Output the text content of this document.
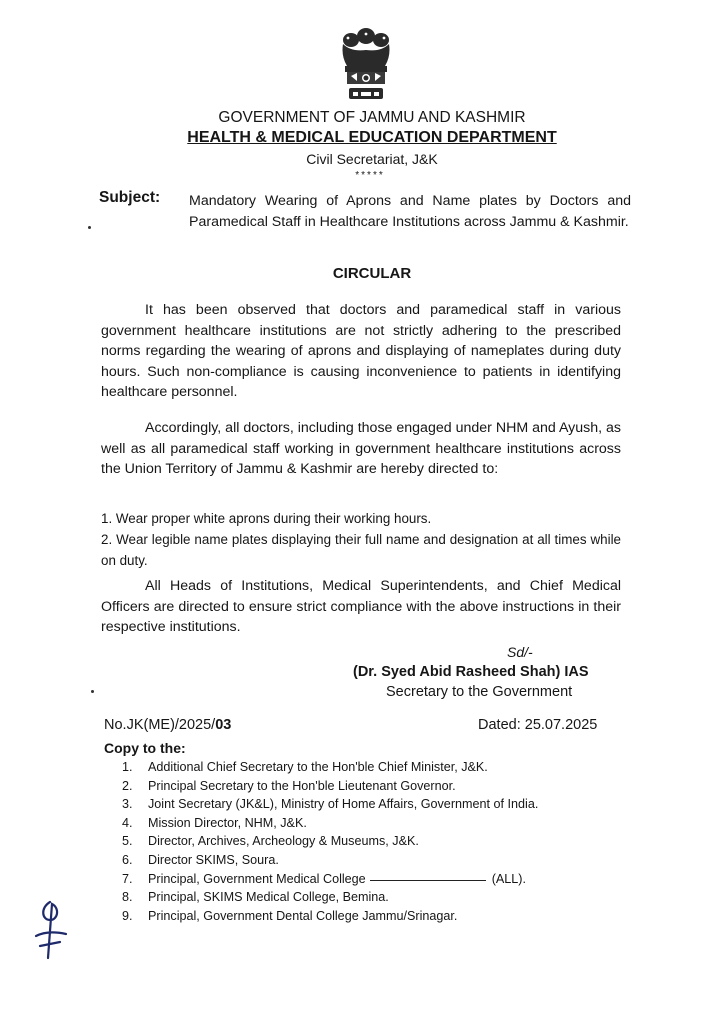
GOVERNMENT OF JAMMU AND KASHMIR
HEALTH & MEDICAL EDUCATION DEPARTMENT
Civil Secretariat, J&K
*****
Subject: Mandatory Wearing of Aprons and Name plates by Doctors and Paramedical Staff in Healthcare Institutions across Jammu & Kashmir.
CIRCULAR
It has been observed that doctors and paramedical staff in various government healthcare institutions are not strictly adhering to the prescribed norms regarding the wearing of aprons and displaying of nameplates during duty hours. Such non-compliance is causing inconvenience to patients in identifying healthcare personnel.
Accordingly, all doctors, including those engaged under NHM and Ayush, as well as all paramedical staff working in government healthcare institutions across the Union Territory of Jammu & Kashmir are hereby directed to:
1. Wear proper white aprons during their working hours.
2. Wear legible name plates displaying their full name and designation at all times while on duty.
All Heads of Institutions, Medical Superintendents, and Chief Medical Officers are directed to ensure strict compliance with the above instructions in their respective institutions.
Sd/-
(Dr. Syed Abid Rasheed Shah) IAS
Secretary to the Government
No.JK(ME)/2025/03	Dated: 25.07.2025
Copy to the:
1. Additional Chief Secretary to the Hon'ble Chief Minister, J&K.
2. Principal Secretary to the Hon'ble Lieutenant Governor.
3. Joint Secretary (JK&L), Ministry of Home Affairs, Government of India.
4. Mission Director, NHM, J&K.
5. Director, Archives, Archeology & Museums, J&K.
6. Director SKIMS, Soura.
7. Principal, Government Medical College	(ALL).
8. Principal, SKIMS Medical College, Bemina.
9. Principal, Government Dental College Jammu/Srinagar.
